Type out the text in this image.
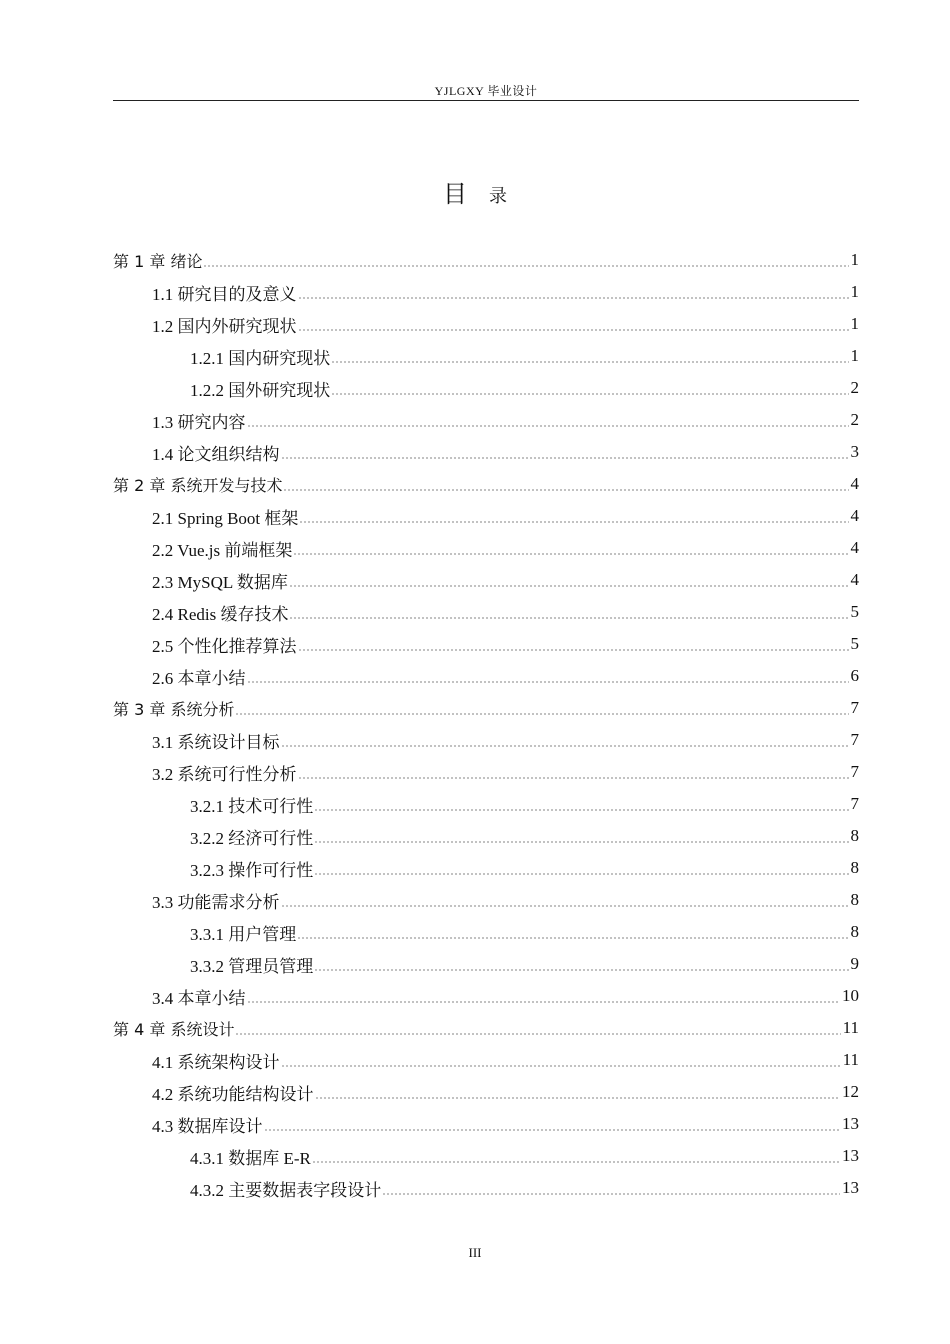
YJLGXY 毕业设计
目 录
第 1 章 绪论	1
1.1 研究目的及意义	1
1.2 国内外研究现状	1
1.2.1 国内研究现状	1
1.2.2 国外研究现状	2
1.3 研究内容	2
1.4 论文组织结构	3
第 2 章 系统开发与技术	4
2.1 Spring Boot 框架	4
2.2 Vue.js 前端框架	4
2.3 MySQL 数据库	4
2.4 Redis 缓存技术	5
2.5 个性化推荐算法	5
2.6 本章小结	6
第 3 章 系统分析	7
3.1 系统设计目标	7
3.2 系统可行性分析	7
3.2.1 技术可行性	7
3.2.2 经济可行性	8
3.2.3 操作可行性	8
3.3 功能需求分析	8
3.3.1 用户管理	8
3.3.2 管理员管理	9
3.4 本章小结	10
第 4 章 系统设计	11
4.1 系统架构设计	11
4.2 系统功能结构设计	12
4.3 数据库设计	13
4.3.1 数据库 E-R	13
4.3.2 主要数据表字段设计	13
III
